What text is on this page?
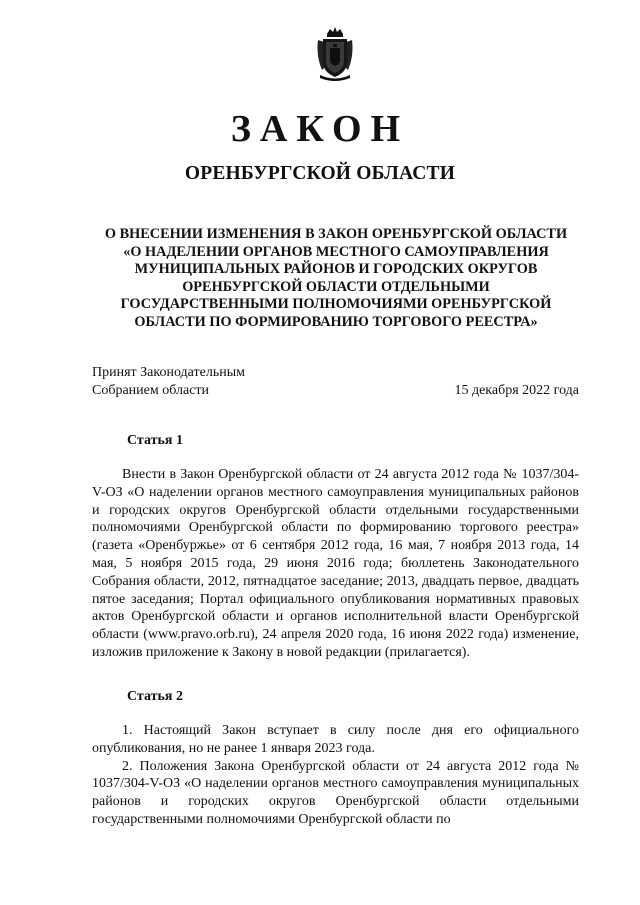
ЗАКОН
ОРЕНБУРГСКОЙ ОБЛАСТИ
О ВНЕСЕНИИ ИЗМЕНЕНИЯ В ЗАКОН ОРЕНБУРГСКОЙ ОБЛАСТИ
«О НАДЕЛЕНИИ ОРГАНОВ МЕСТНОГО САМОУПРАВЛЕНИЯ
МУНИЦИПАЛЬНЫХ РАЙОНОВ И ГОРОДСКИХ ОКРУГОВ
ОРЕНБУРГСКОЙ ОБЛАСТИ ОТДЕЛЬНЫМИ
ГОСУДАРСТВЕННЫМИ ПОЛНОМОЧИЯМИ ОРЕНБУРГСКОЙ
ОБЛАСТИ ПО ФОРМИРОВАНИЮ ТОРГОВОГО РЕЕСТРА»
Принят Законодательным
Собранием области	15 декабря 2022 года
Статья 1

Внести в Закон Оренбургской области от 24 августа 2012 года № 1037/304-V-ОЗ «О наделении органов местного самоуправления муниципальных районов и городских округов Оренбургской области отдельными государственными полномочиями Оренбургской области по формированию торгового реестра» (газета «Оренбуржье» от 6 сентября 2012 года, 16 мая, 7 ноября 2013 года, 14 мая, 5 ноября 2015 года, 29 июня 2016 года; бюллетень Законодательного Собрания области, 2012, пятнадцатое заседание; 2013, двадцать первое, двадцать пятое заседания; Портал официального опубликования нормативных правовых актов Оренбургской области и органов исполнительной власти Оренбургской области (www.pravo.orb.ru), 24 апреля 2020 года, 16 июня 2022 года) изменение, изложив приложение к Закону в новой редакции (прилагается).

Статья 2

1. Настоящий Закон вступает в силу после дня его официального опубликования, но не ранее 1 января 2023 года.

2. Положения Закона Оренбургской области от 24 августа 2012 года № 1037/304-V-ОЗ «О наделении органов местного самоуправления муниципальных районов и городских округов Оренбургской области отдельными государственными полномочиями Оренбургской области по
